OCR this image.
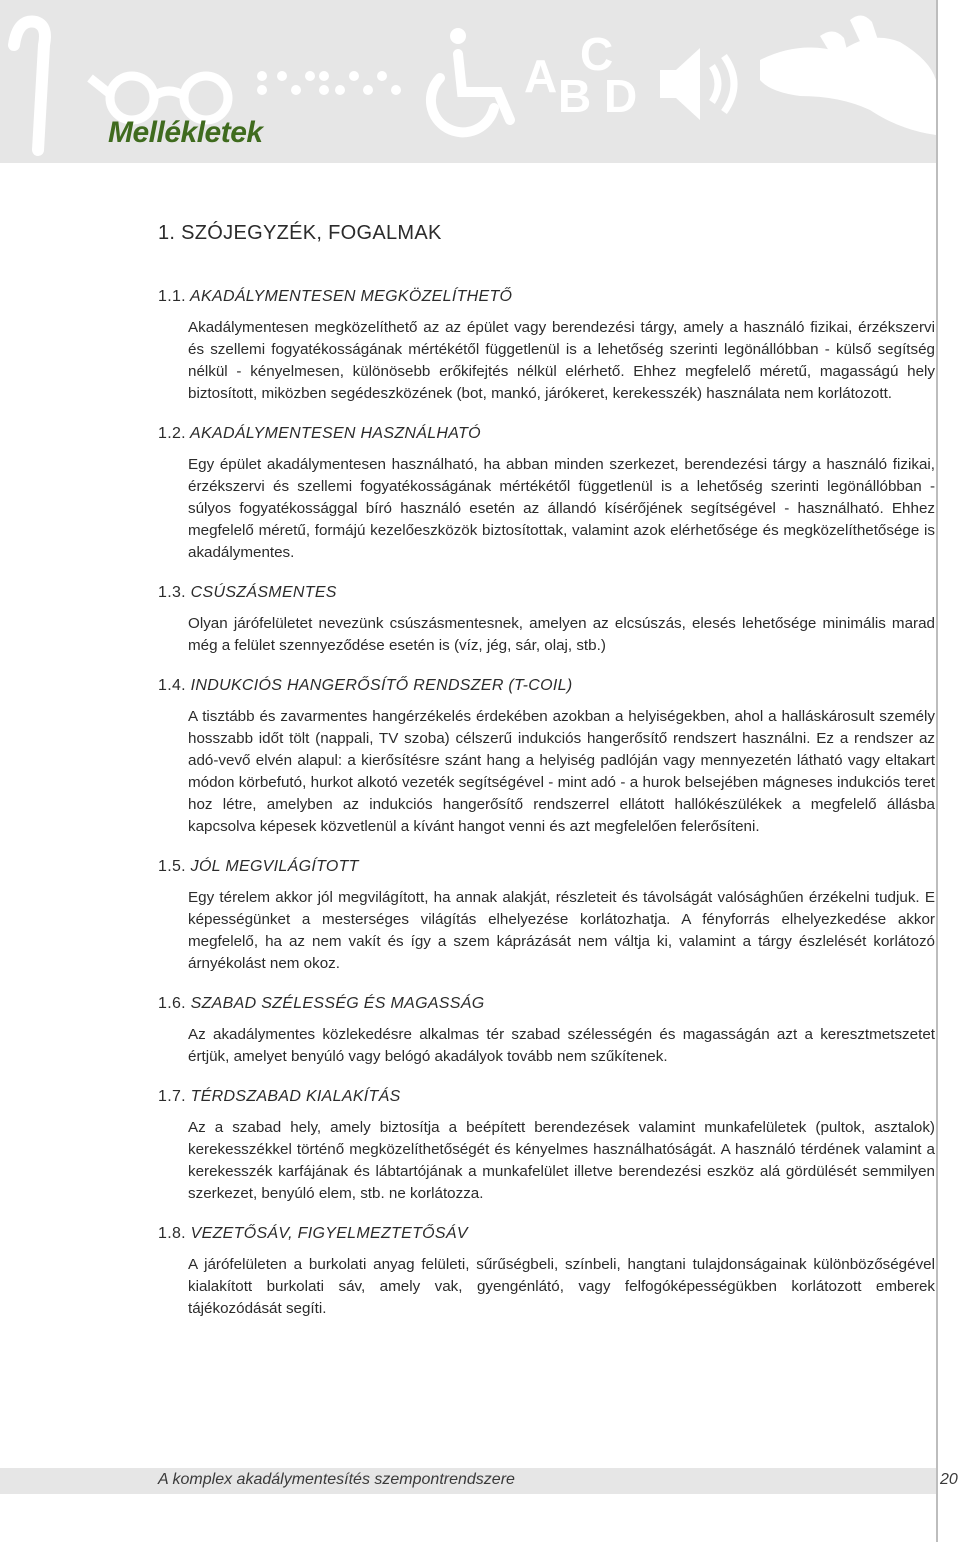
A B
C
D
Mellékletek
1. SZÓJEGYZÉK, FOGALMAK
1.1. AKADÁLYMENTESEN MEGKÖZELÍTHETŐ

Akadálymentesen megközelíthető az az épület vagy berendezési tárgy, amely a használó fizikai, érzékszervi és szellemi fogyatékosságának mértékétől függetlenül is a lehetőség szerinti legönállóbban - külső segítség nélkül - kényelmesen, különösebb erőkifejtés nélkül elérhető. Ehhez megfelelő méretű, magasságú hely biztosított, miközben segédeszközének (bot, mankó, járókeret, kerekesszék) használata nem korlátozott.

1.2. AKADÁLYMENTESEN HASZNÁLHATÓ

Egy épület akadálymentesen használható, ha abban minden szerkezet, berendezési tárgy a használó fizikai, érzékszervi és szellemi fogyatékosságának mértékétől függetlenül is a lehetőség szerinti legönállóbban - súlyos fogyatékossággal bíró használó esetén az állandó kísérőjének segítségével - használható. Ehhez megfelelő méretű, formájú kezelőeszközök biztosítottak, valamint azok elérhetősége és megközelíthetősége is akadálymentes.

1.3. CSÚSZÁSMENTES

Olyan járófelületet nevezünk csúszásmentesnek, amelyen az elcsúszás, elesés lehetősége minimális marad még a felület szennyeződése esetén is (víz, jég, sár, olaj, stb.)

1.4. INDUKCIÓS HANGERŐSÍTŐ RENDSZER (T-COIL)

A tisztább és zavarmentes hangérzékelés érdekében azokban a helyiségekben, ahol a halláskárosult személy hosszabb időt tölt (nappali, TV szoba) célszerű indukciós hangerősítő rendszert használni. Ez a rendszer az adó-vevő elvén alapul: a kierősítésre szánt hang a helyiség padlóján vagy mennyezetén látható vagy eltakart módon körbefutó, hurkot alkotó vezeték segítségével - mint adó - a hurok belsejében mágneses indukciós teret hoz létre, amelyben az indukciós hangerősítő rendszerrel ellátott hallókészülékek a megfelelő állásba kapcsolva képesek közvetlenül a kívánt hangot venni és azt megfelelően felerősíteni.

1.5. JÓL MEGVILÁGÍTOTT

Egy térelem akkor jól megvilágított, ha annak alakját, részleteit és távolságát valósághűen érzékelni tudjuk. E képességünket a mesterséges világítás elhelyezése korlátozhatja. A fényforrás elhelyezkedése akkor megfelelő, ha az nem vakít és így a szem káprázását nem váltja ki, valamint a tárgy észlelését korlátozó árnyékolást nem okoz.

1.6. SZABAD SZÉLESSÉG ÉS MAGASSÁG

Az akadálymentes közlekedésre alkalmas tér szabad szélességén és magasságán azt a keresztmetszetet értjük, amelyet benyúló vagy belógó akadályok tovább nem szűkítenek.

1.7. TÉRDSZABAD KIALAKÍTÁS

Az a szabad hely, amely biztosítja a beépített berendezések valamint munkafelületek (pultok, asztalok) kerekesszékkel történő megközelíthetőségét és kényelmes használhatóságát. A használó térdének valamint a kerekesszék karfájának és lábtartójának a munkafelület illetve berendezési eszköz alá gördülését semmilyen szerkezet, benyúló elem, stb. ne korlátozza.

1.8. VEZETŐSÁV, FIGYELMEZTETŐSÁV

A járófelületen a burkolati anyag felületi, sűrűségbeli, színbeli, hangtani tulajdonságainak különbözőségével kialakított burkolati sáv, amely vak, gyengénlátó, vagy felfogóképességükben korlátozott emberek tájékozódását segíti.

A komplex akadálymentesítés szempontrendszere	20
